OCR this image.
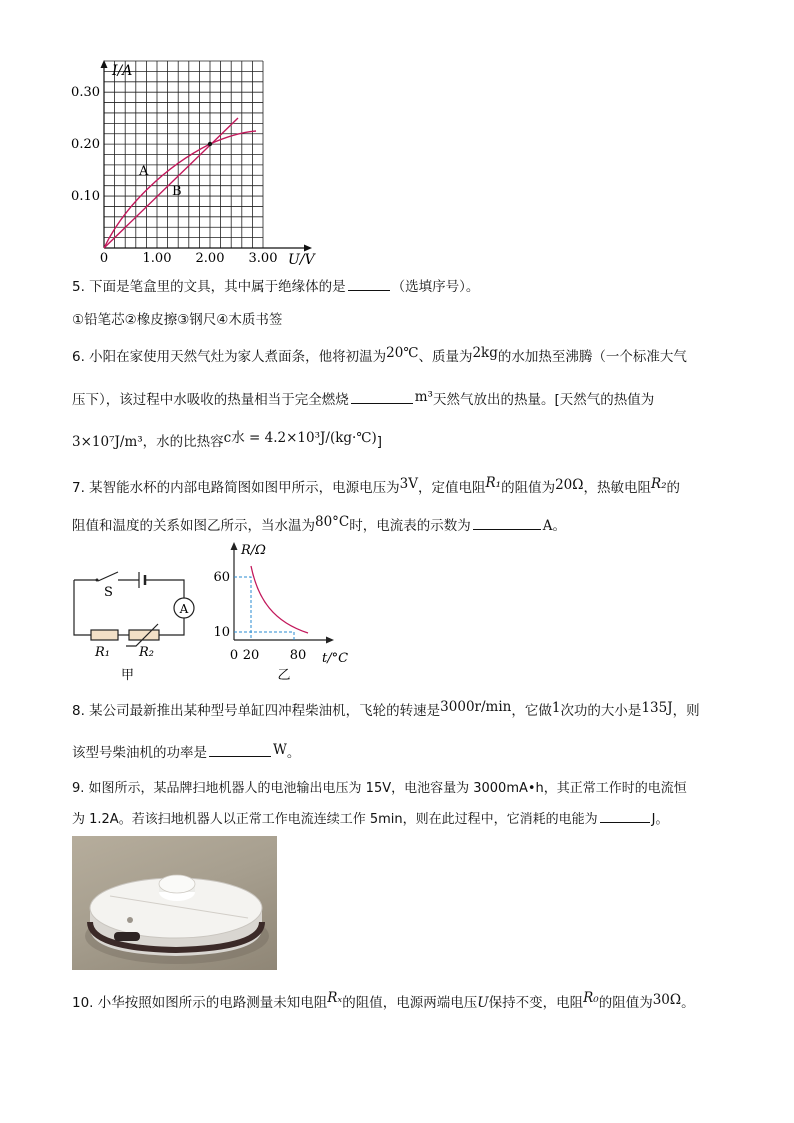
I/A
U/V
0.30
0.20
0.10
0	1.00 2.00 3.00
A
B
5. 下面是笔盒里的文具，其中属于绝缘体的是	（选填序号）。
①铅笔芯②橡皮擦③钢尺④木质书签
6. 小阳在家使用天然气灶为家人煮面条，他将初温为20℃、质量为2kg的水加热至沸腾（一个标准大气
压下），该过程中水吸收的热量相当于完全燃烧	m³天然气放出的热量。[天然气的热值为
3×10⁷J/m³，水的比热容c水 = 4.2×10³J/(kg·℃)]
7. 某智能水杯的内部电路简图如图甲所示，电源电压为3V，定值电阻R₁的阻值为20Ω，热敏电阻R₂的
阻值和温度的关系如图乙所示，当水温为80°C时，电流表的示数为	A。
S
A
R₁ R₂
甲
R/Ω
t/°C
60
10
0 20 80
乙
8. 某公司最新推出某种型号单缸四冲程柴油机，飞轮的转速是3000r/min，它做1次功的大小是135J，则
该型号柴油机的功率是	W。
9. 如图所示，某品牌扫地机器人的电池输出电压为 15V，电池容量为 3000mA•h，其正常工作时的电流恒
为 1.2A。若该扫地机器人以正常工作电流连续工作 5min，则在此过程中，它消耗的电能为	J。
10. 小华按照如图所示的电路测量未知电阻Rₓ的阻值，电源两端电压U保持不变，电阻R₀的阻值为30Ω。
